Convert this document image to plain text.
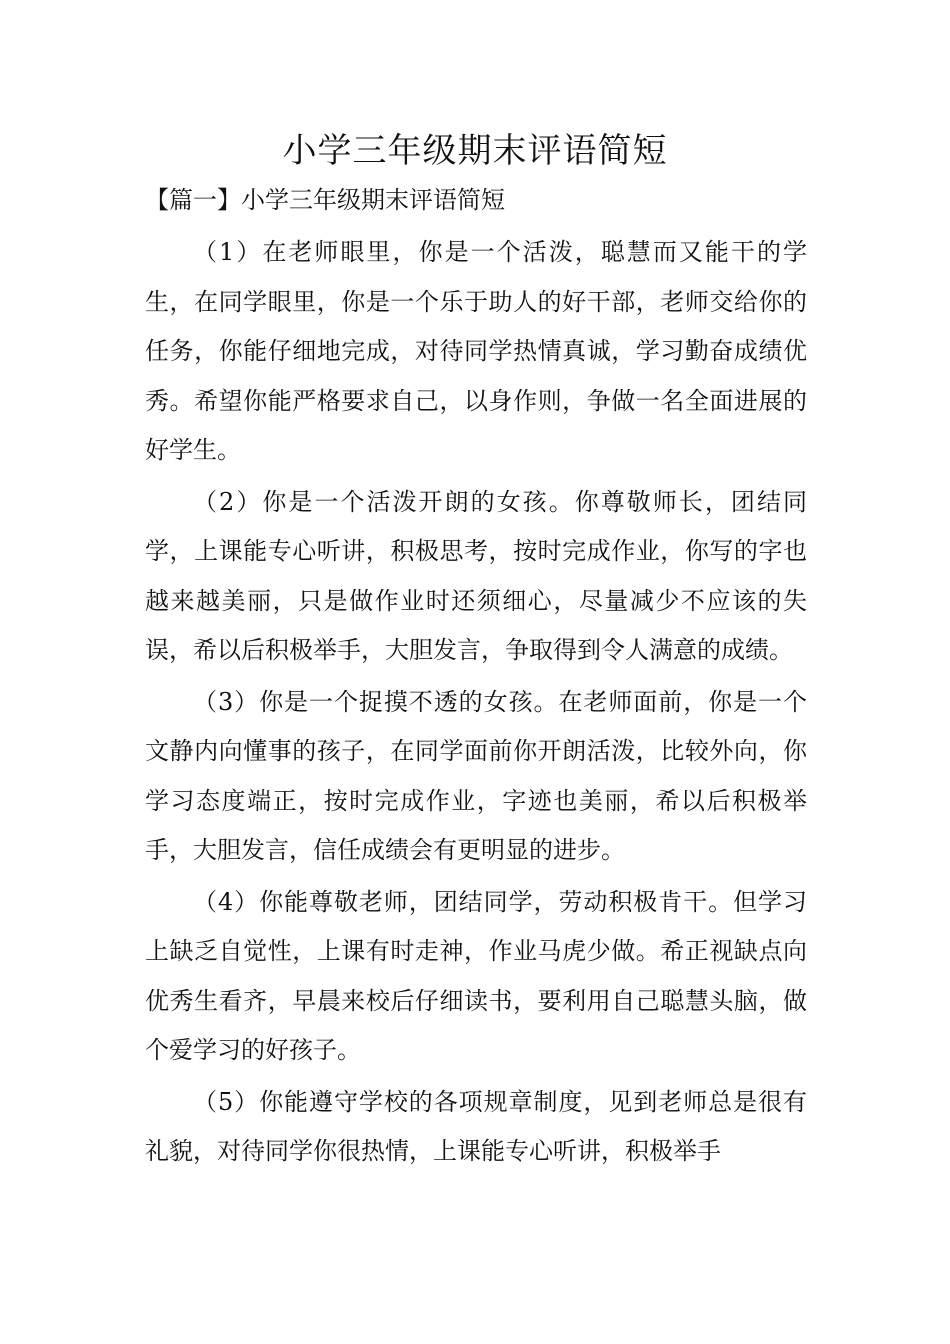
小学三年级期末评语简短
【篇一】小学三年级期末评语简短

（1）在老师眼里，你是一个活泼，聪慧而又能干的学生，在同学眼里，你是一个乐于助人的好干部，老师交给你的任务，你能仔细地完成，对待同学热情真诚，学习勤奋成绩优秀。希望你能严格要求自己，以身作则，争做一名全面进展的好学生。

（2）你是一个活泼开朗的女孩。你尊敬师长，团结同学，上课能专心听讲，积极思考，按时完成作业，你写的字也越来越美丽，只是做作业时还须细心，尽量减少不应该的失误，希以后积极举手，大胆发言，争取得到令人满意的成绩。

（3）你是一个捉摸不透的女孩。在老师面前，你是一个文静内向懂事的孩子，在同学面前你开朗活泼，比较外向，你学习态度端正，按时完成作业，字迹也美丽，希以后积极举手，大胆发言，信任成绩会有更明显的进步。

（4）你能尊敬老师，团结同学，劳动积极肯干。但学习上缺乏自觉性，上课有时走神，作业马虎少做。希正视缺点向优秀生看齐，早晨来校后仔细读书，要利用自己聪慧头脑，做个爱学习的好孩子。

（5）你能遵守学校的各项规章制度，见到老师总是很有礼貌，对待同学你很热情，上课能专心听讲，积极举手
